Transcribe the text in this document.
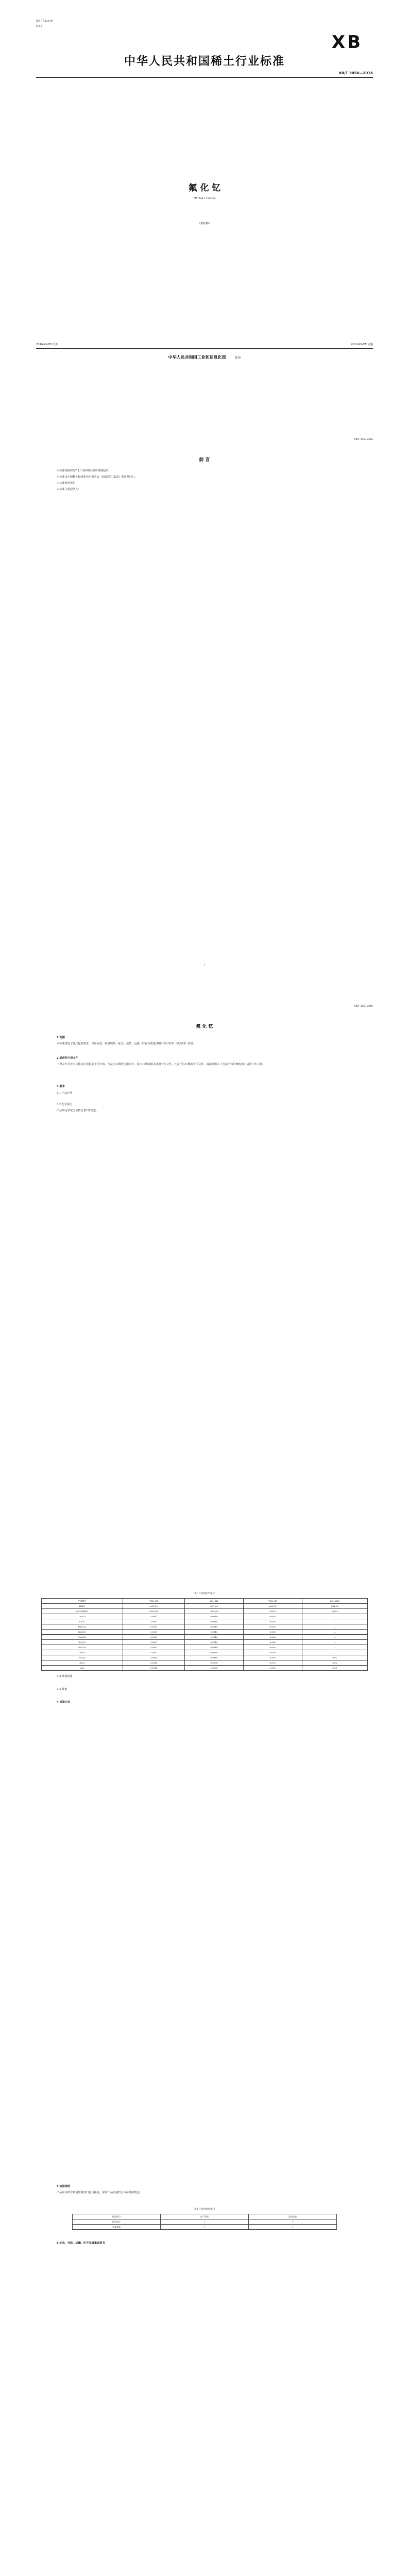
ICS 77.120.99
H 64
XB
中华人民共和国稀土行业标准
XB/T 3050—2016
氟 化 钇
Yttrium Fluoride
（报批稿）
2016-XX-XX 发布	2016-XX-XX 实施
中华人民共和国工业和信息化部	发布
XB/T 3050-2016
前 言
本标准按照GB/T 1.1-2009给出的规则起草。
本标准由全国稀土标准化技术委员会（SAC/TC 229）提出并归口。
本标准起草单位：
本标准主要起草人：
I
XB/T 3050-2016
氟 化 钇
1 范围
本标准规定了氟化钇的要求、试验方法、检验规则、标志、包装、运输、贮存及质量证明书和订货单（或合同）内容。
2 规范性引用文件
下列文件对于本文件的应用是必不可少的。凡是注日期的引用文件，仅注日期的版本适用于本文件。凡是不注日期的引用文件，其最新版本（包括所有的修改单）适用于本文件。
3 要求
3.1 产品分类
3.2 化学成分
产品的化学成分应符合表1的规定。
表1 产品的化学成分
产品牌号	Y5N-5N	Y5N-4N	Y5N-3N	Y5N-2N5
TREO	≥81.00	≥81.00	≥81.00	≥81.00
Y2O3/TREO	≥99.999	≥99.99	≥99.9	≥99.5
La2O3	0.0001	0.0010	0.005	—
CeO2	0.0001	0.0010	0.005	—
Pr6O11	0.0001	0.0010	0.005	—
Nd2O3	0.0001	0.0010	0.005	—
Sm2O3	0.0001	0.0010	0.005	—
Eu2O3	0.0001	0.0010	0.005	—
Gd2O3	0.0001	0.0010	0.005	—
Tb4O7	0.0001	0.0010	0.005	—
Fe2O3	0.0005	0.0010	0.005	0.01
SiO2	0.0010	0.0030	0.010	0.02
CaO	0.0010	0.0030	0.010	0.02
3.3 外观质量
3.4 其他
4 试验方法
5 检验规则
产品应由供方质量监督部门进行检验，保证产品质量符合本标准的规定。
表2 产品的检验项目
检验项目	出厂检验	型式检验
化学成分	√	√
外观质量	√	√
6 标志、包装、运输、贮存及质量证明书
